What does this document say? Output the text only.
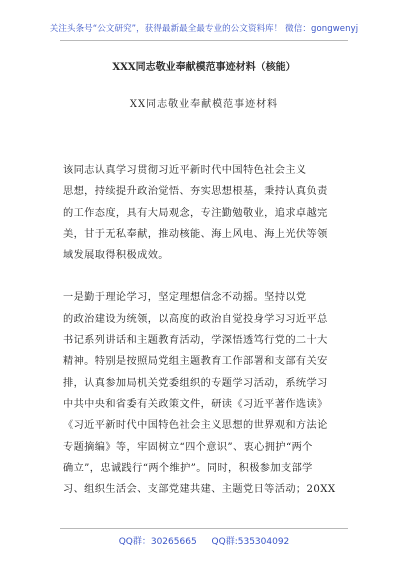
关注头条号“公文研究”，获得最新最全最专业的公文资料库！ 微信：gongwenyj
XXX同志敬业奉献模范事迹材料（核能）
XX同志敬业奉献模范事迹材料
该同志认真学习贯彻习近平新时代中国特色社会主义
思想，持续提升政治觉悟、夯实思想根基，秉持认真负责
的工作态度，具有大局观念，专注勤勉敬业，追求卓越完
美，甘于无私奉献，推动核能、海上风电、海上光伏等领
域发展取得积极成效。
一是勤于理论学习，坚定理想信念不动摇。坚持以党
的政治建设为统领，以高度的政治自觉投身学习习近平总
书记系列讲话和主题教育活动，学深悟透笃行党的二十大
精神。特别是按照局党组主题教育工作部署和支部有关安
排，认真参加局机关党委组织的专题学习活动，系统学习
中共中央和省委有关政策文件，研读《习近平著作选读》
《习近平新时代中国特色社会主义思想的世界观和方法论
专题摘编》等，牢固树立“四个意识”、衷心拥护“两个
确立”，忠诚践行“两个维护”。同时，积极参加支部学
习、组织生活会、支部党建共建、主题党日等活动；20XX
QQ群：30265665 QQ群:535304092
